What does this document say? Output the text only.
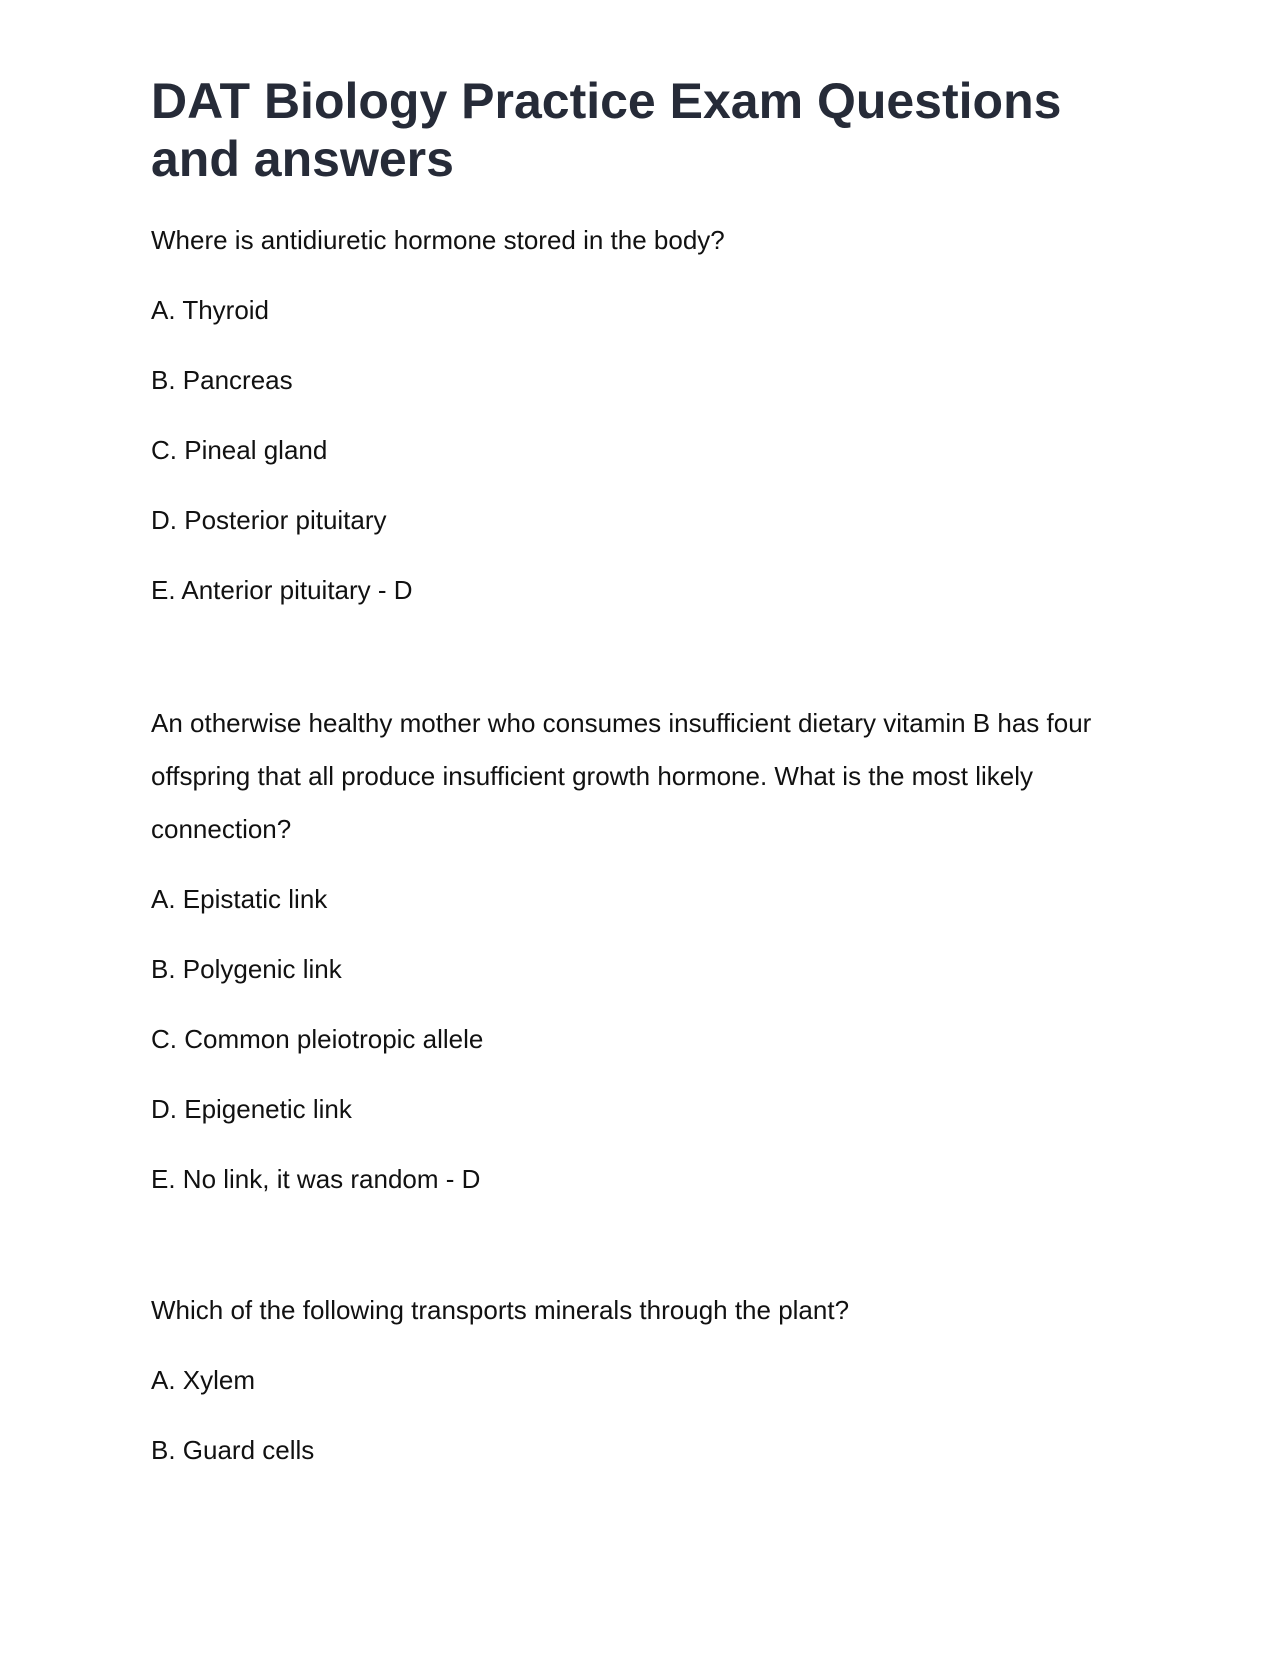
DAT Biology Practice Exam Questions and answers

Where is antidiuretic hormone stored in the body?

A. Thyroid
B. Pancreas
C. Pineal gland
D. Posterior pituitary
E. Anterior pituitary - D

An otherwise healthy mother who consumes insufficient dietary vitamin B has four offspring that all produce insufficient growth hormone. What is the most likely connection?

A. Epistatic link
B. Polygenic link
C. Common pleiotropic allele
D. Epigenetic link
E. No link, it was random - D

Which of the following transports minerals through the plant?

A. Xylem
B. Guard cells
